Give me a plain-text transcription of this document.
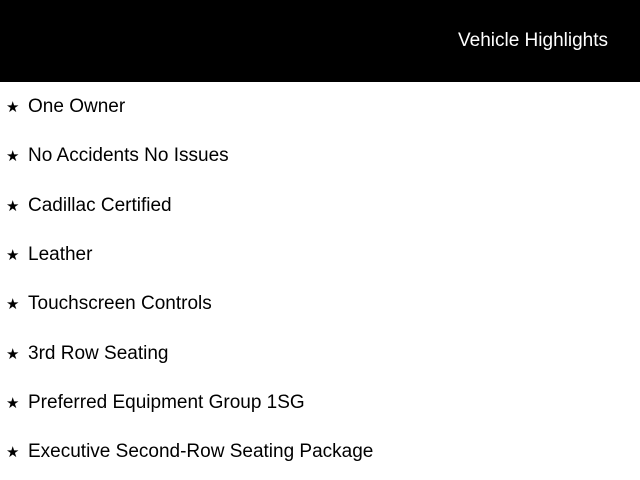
Vehicle Highlights
★ One Owner
★ No Accidents No Issues
★ Cadillac Certified
★ Leather
★ Touchscreen Controls
★ 3rd Row Seating
★ Preferred Equipment Group 1SG
★ Executive Second-Row Seating Package
